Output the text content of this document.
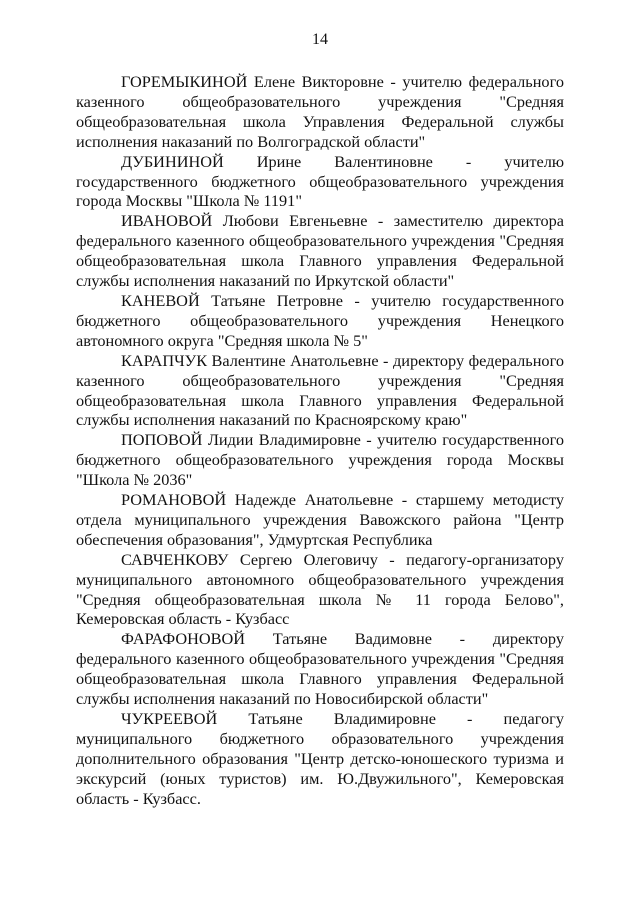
14

ГОРЕМЫКИНОЙ Елене Викторовне - учителю федерального казенного общеобразовательного учреждения "Средняя общеобразовательная школа Управления Федеральной службы исполнения наказаний по Волгоградской области"

ДУБИНИНОЙ Ирине Валентиновне - учителю государственного бюджетного общеобразовательного учреждения города Москвы "Школа № 1191"

ИВАНОВОЙ Любови Евгеньевне - заместителю директора федерального казенного общеобразовательного учреждения "Средняя общеобразовательная школа Главного управления Федеральной службы исполнения наказаний по Иркутской области"

КАНЕВОЙ Татьяне Петровне - учителю государственного бюджетного общеобразовательного учреждения Ненецкого автономного округа "Средняя школа № 5"

КАРАПЧУК Валентине Анатольевне - директору федерального казенного общеобразовательного учреждения "Средняя общеобразовательная школа Главного управления Федеральной службы исполнения наказаний по Красноярскому краю"

ПОПОВОЙ Лидии Владимировне - учителю государственного бюджетного общеобразовательного учреждения города Москвы "Школа № 2036"

РОМАНОВОЙ Надежде Анатольевне - старшему методисту отдела муниципального учреждения Вавожского района "Центр обеспечения образования", Удмуртская Республика

САВЧЕНКОВУ Сергею Олеговичу - педагогу-организатору муниципального автономного общеобразовательного учреждения "Средняя общеобразовательная школа № 11 города Белово", Кемеровская область - Кузбасс

ФАРАФОНОВОЙ Татьяне Вадимовне - директору федерального казенного общеобразовательного учреждения "Средняя общеобразовательная школа Главного управления Федеральной службы исполнения наказаний по Новосибирской области"

ЧУКРЕЕВОЙ Татьяне Владимировне - педагогу муниципального бюджетного образовательного учреждения дополнительного образования "Центр детско-юношеского туризма и экскурсий (юных туристов) им. Ю.Двужильного", Кемеровская область - Кузбасс.
